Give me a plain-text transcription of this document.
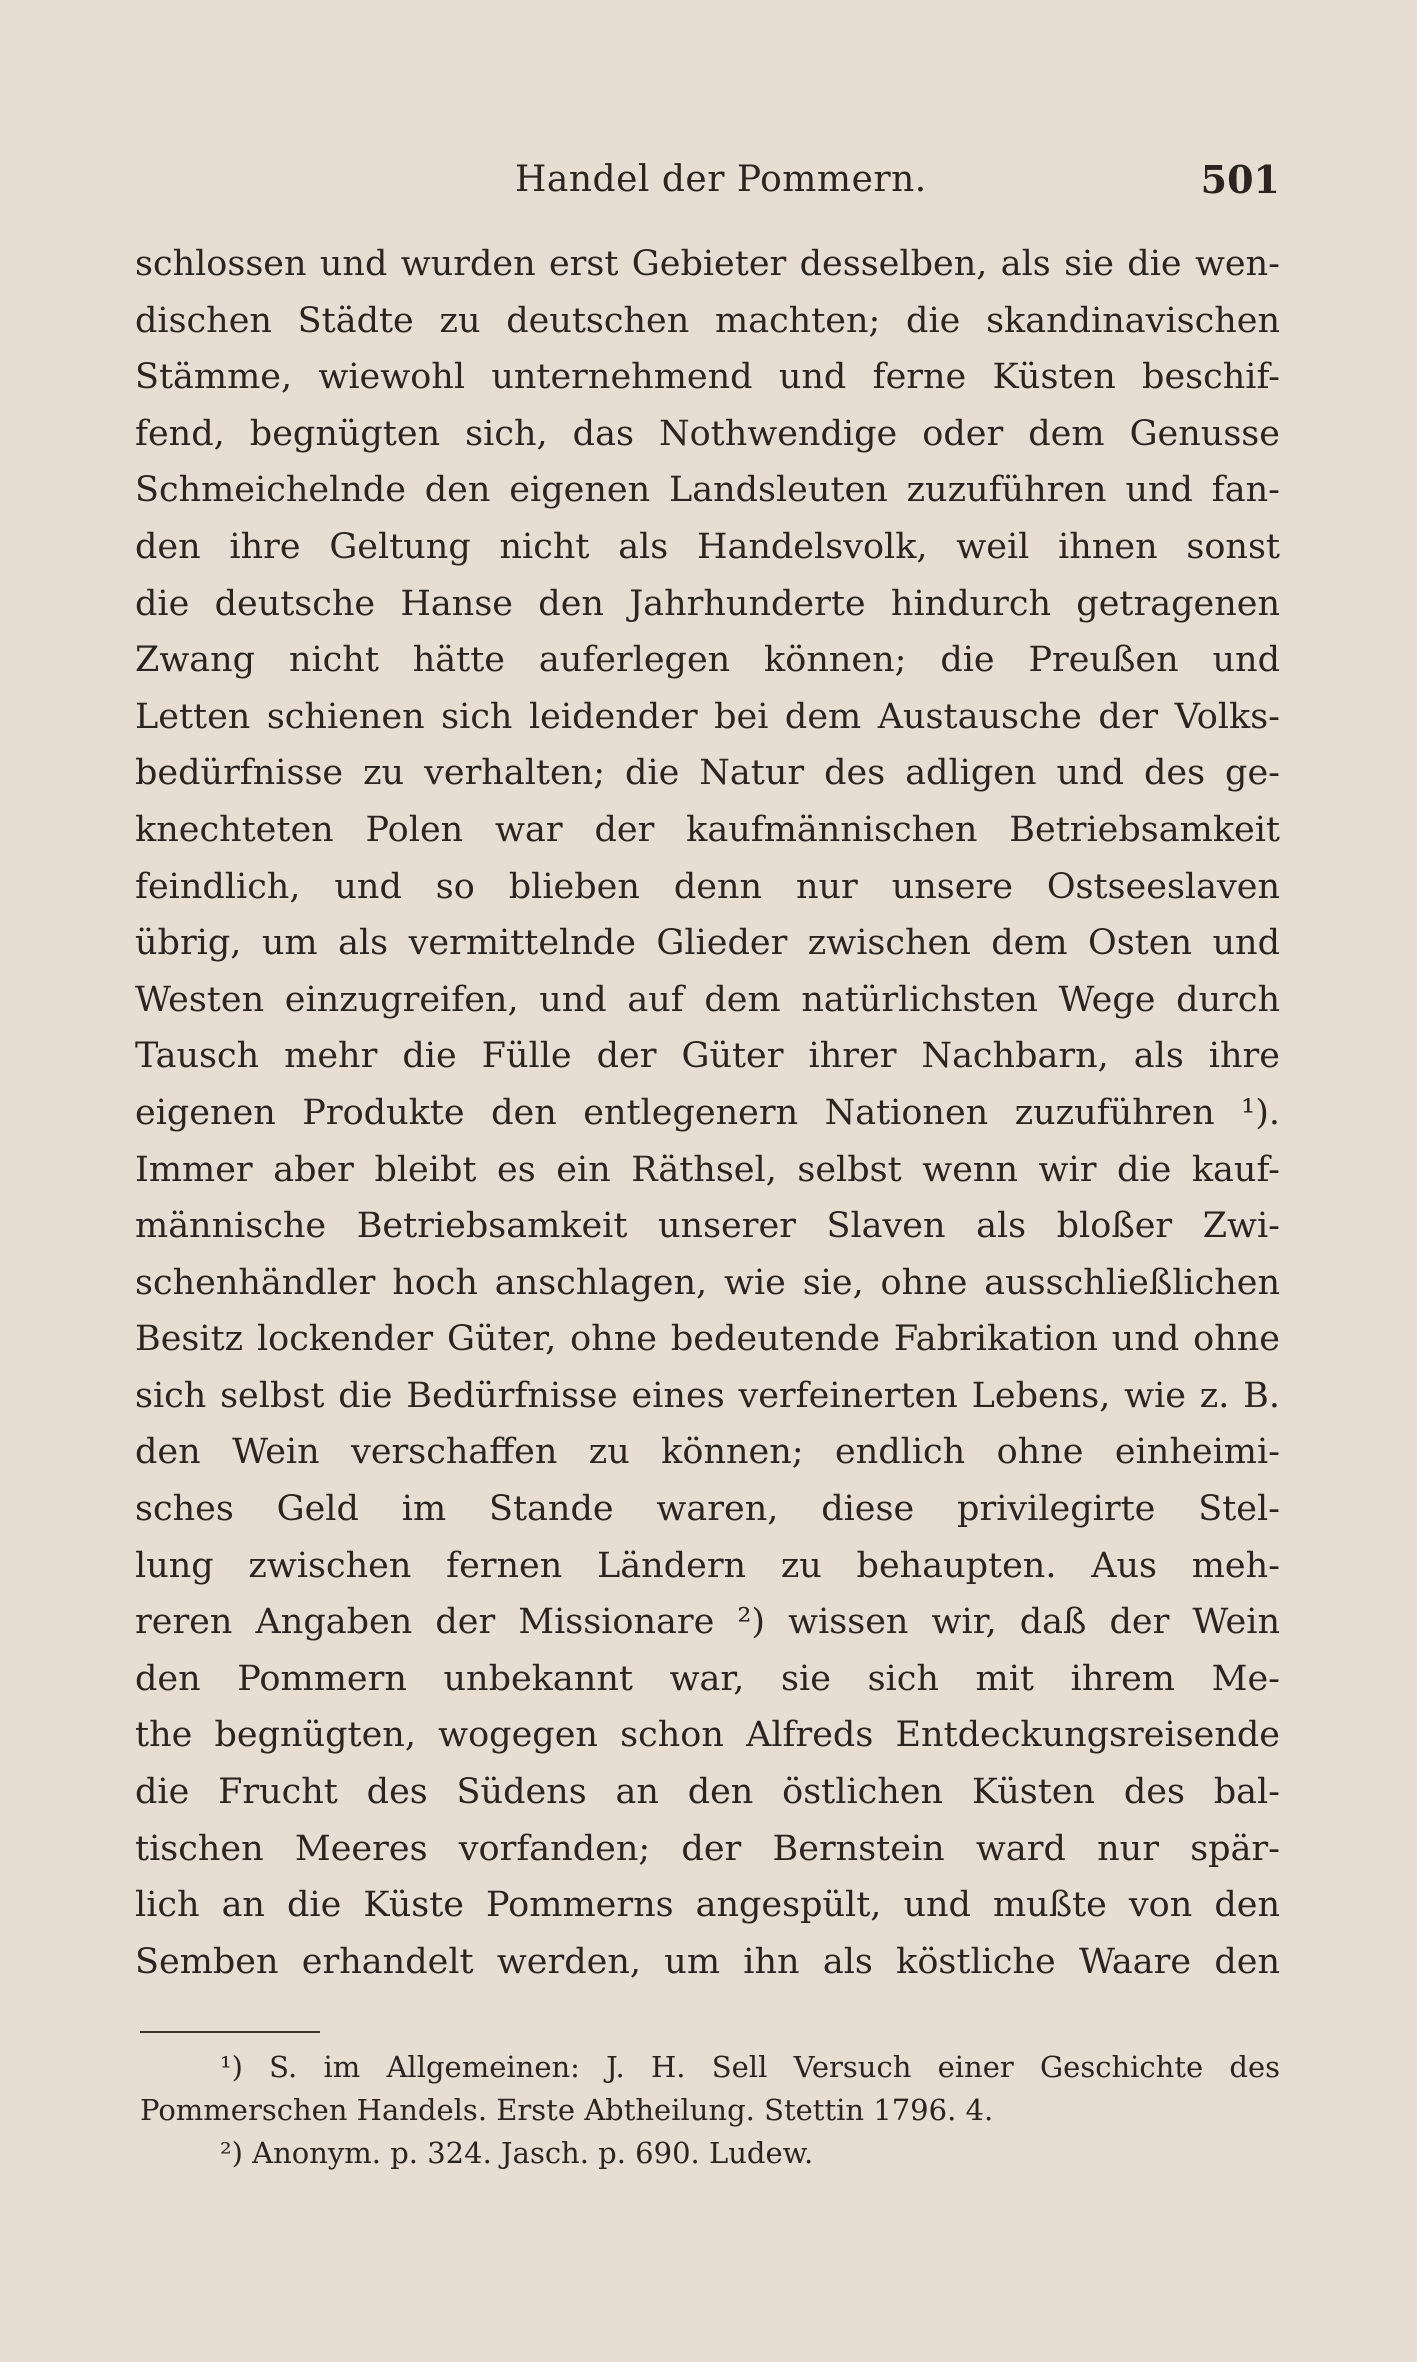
Handel der Pommern.	501
schlossen und wurden erst Gebieter desselben, als sie die wen-
dischen Städte zu deutschen machten; die skandinavischen
Stämme, wiewohl unternehmend und ferne Küsten beschif-
fend, begnügten sich, das Nothwendige oder dem Genusse
Schmeichelnde den eigenen Landsleuten zuzuführen und fan-
den ihre Geltung nicht als Handelsvolk, weil ihnen sonst
die deutsche Hanse den Jahrhunderte hindurch getragenen
Zwang nicht hätte auferlegen können; die Preußen und
Letten schienen sich leidender bei dem Austausche der Volks-
bedürfnisse zu verhalten; die Natur des adligen und des ge-
knechteten Polen war der kaufmännischen Betriebsamkeit
feindlich, und so blieben denn nur unsere Ostseeslaven
übrig, um als vermittelnde Glieder zwischen dem Osten und
Westen einzugreifen, und auf dem natürlichsten Wege durch
Tausch mehr die Fülle der Güter ihrer Nachbarn, als ihre
eigenen Produkte den entlegenern Nationen zuzuführen ¹).
Immer aber bleibt es ein Räthsel, selbst wenn wir die kauf-
männische Betriebsamkeit unserer Slaven als bloßer Zwi-
schenhändler hoch anschlagen, wie sie, ohne ausschließlichen
Besitz lockender Güter, ohne bedeutende Fabrikation und ohne
sich selbst die Bedürfnisse eines verfeinerten Lebens, wie z. B.
den Wein verschaffen zu können; endlich ohne einheimi-
sches Geld im Stande waren, diese privilegirte Stel-
lung zwischen fernen Ländern zu behaupten. Aus meh-
reren Angaben der Missionare ²) wissen wir, daß der Wein
den Pommern unbekannt war, sie sich mit ihrem Me-
the begnügten, wogegen schon Alfreds Entdeckungsreisende
die Frucht des Südens an den östlichen Küsten des bal-
tischen Meeres vorfanden; der Bernstein ward nur spär-
lich an die Küste Pommerns angespült, und mußte von den
Semben erhandelt werden, um ihn als köstliche Waare den
¹) S. im Allgemeinen: J. H. Sell Versuch einer Geschichte des
Pommerschen Handels. Erste Abtheilung. Stettin 1796. 4.
²) Anonym. p. 324. Jasch. p. 690. Ludew.
